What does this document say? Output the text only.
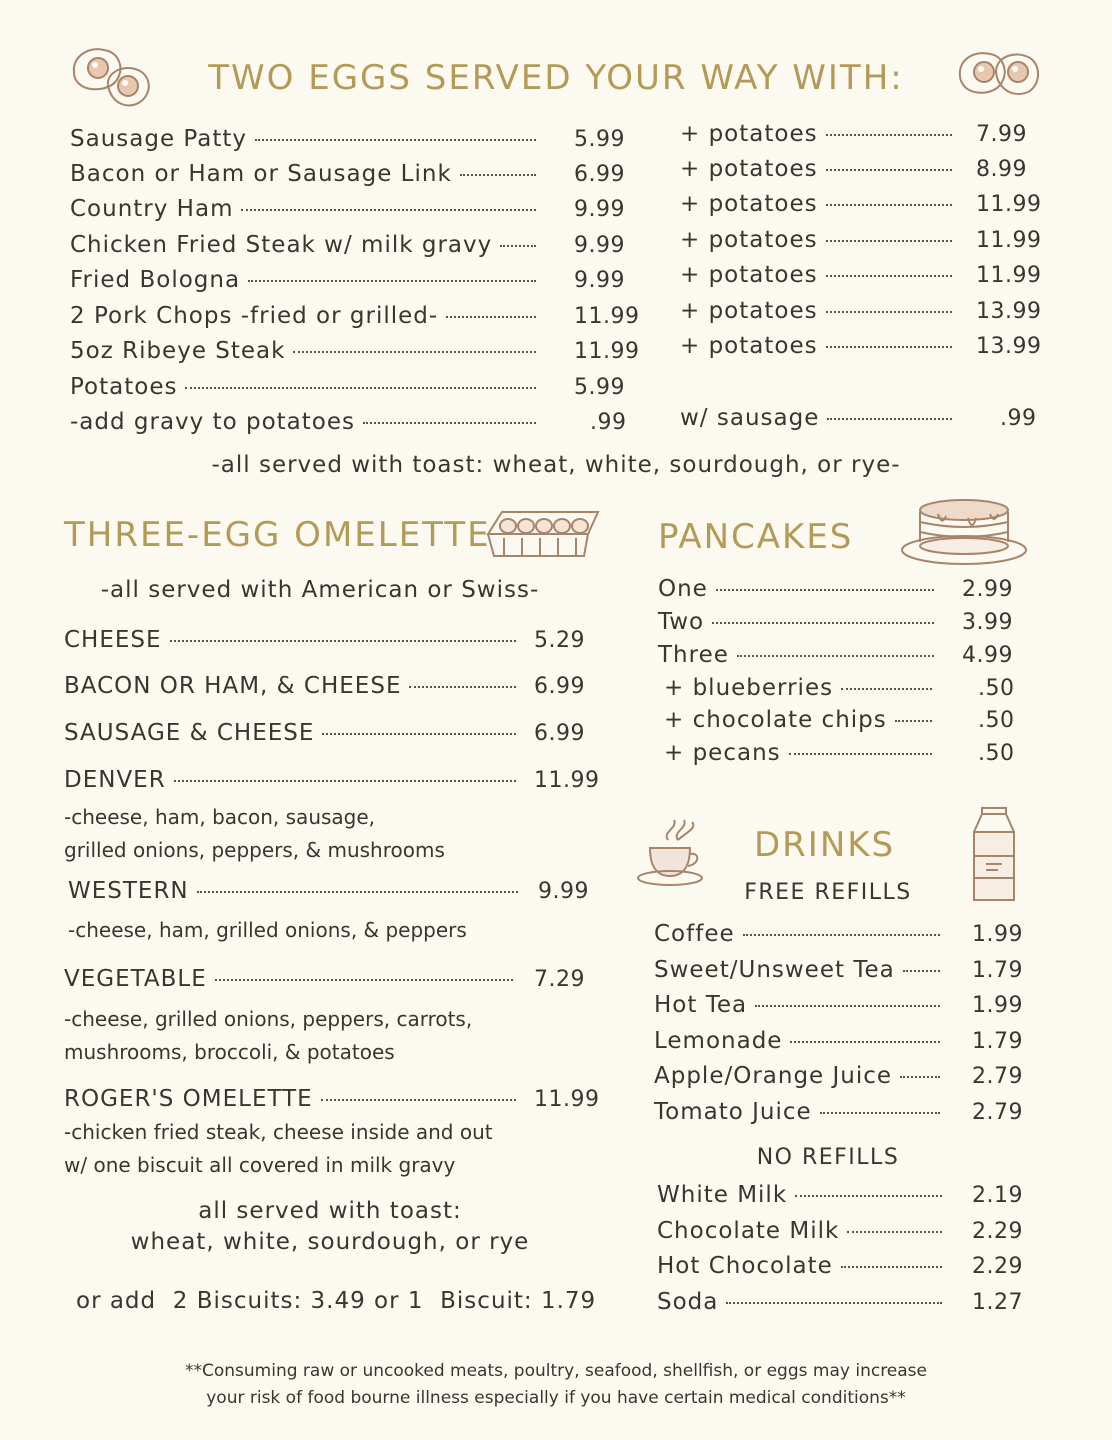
TWO EGGS SERVED YOUR WAY WITH:
Sausage Patty	5.99 + potatoes	7.99
Bacon or Ham or Sausage Link	6.99 + potatoes	8.99
Country Ham	9.99 + potatoes	11.99
Chicken Fried Steak w/ milk gravy	9.99 + potatoes	11.99
Fried Bologna	9.99 + potatoes	11.99
2 Pork Chops -fried or grilled-	11.99 + potatoes	13.99
5oz Ribeye Steak	11.99 + potatoes	13.99
Potatoes	5.99
-add gravy to potatoes	.99 w/ sausage	.99
-all served with toast: wheat, white, sourdough, or rye-
THREE-EGG OMELETTE
-all served with American or Swiss-
CHEESE	5.29
BACON OR HAM, & CHEESE	6.99
SAUSAGE & CHEESE	6.99
DENVER	11.99
-cheese, ham, bacon, sausage,
grilled onions, peppers, & mushrooms
WESTERN	9.99
-cheese, ham, grilled onions, & peppers
VEGETABLE	7.29
-cheese, grilled onions, peppers, carrots,
mushrooms, broccoli, & potatoes
ROGER'S OMELETTE	11.99
-chicken fried steak, cheese inside and out
w/ one biscuit all covered in milk gravy
all served with toast:
wheat, white, sourdough, or rye
or add  2 Biscuits: 3.49 or 1  Biscuit: 1.79
PANCAKES
One	2.99
Two	3.99
Three	4.99
+ blueberries	.50
+ chocolate chips	.50
+ pecans	.50
DRINKS
FREE REFILLS
Coffee	1.99
Sweet/Unsweet Tea	1.79
Hot Tea	1.99
Lemonade	1.79
Apple/Orange Juice	2.79
Tomato Juice	2.79
NO REFILLS
White Milk	2.19
Chocolate Milk	2.29
Hot Chocolate	2.29
Soda	1.27
**Consuming raw or uncooked meats, poultry, seafood, shellfish, or eggs may increase
your risk of food bourne illness especially if you have certain medical conditions**
